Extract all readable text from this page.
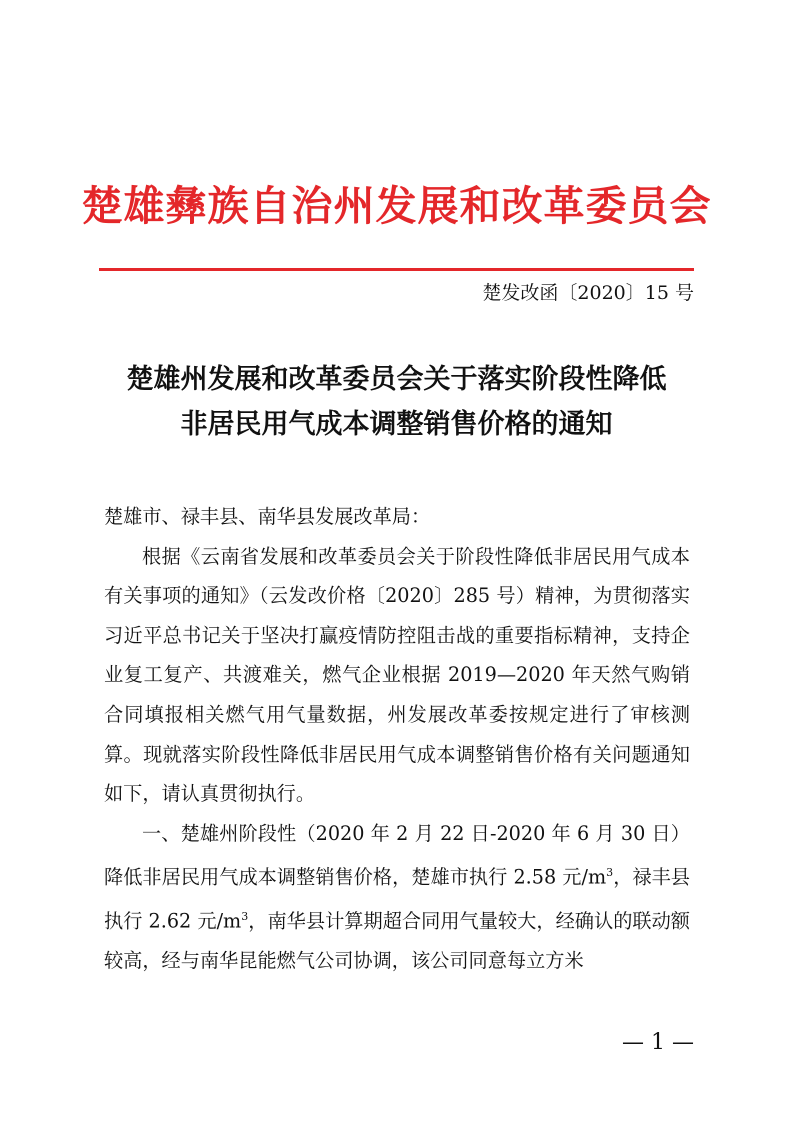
楚雄彝族自治州发展和改革委员会
楚发改函〔2020〕15 号
楚雄州发展和改革委员会关于落实阶段性降低
非居民用气成本调整销售价格的通知

楚雄市、禄丰县、南华县发展改革局：

根据《云南省发展和改革委员会关于阶段性降低非居民用气成本有关事项的通知》（云发改价格〔2020〕285 号）精神，为贯彻落实习近平总书记关于坚决打赢疫情防控阻击战的重要指标精神，支持企业复工复产、共渡难关，燃气企业根据 2019—2020 年天然气购销合同填报相关燃气用气量数据，州发展改革委按规定进行了审核测算。现就落实阶段性降低非居民用气成本调整销售价格有关问题通知如下，请认真贯彻执行。

一、楚雄州阶段性（2020 年 2 月 22 日-2020 年 6 月 30 日）降低非居民用气成本调整销售价格，楚雄市执行 2.58 元$/m^3$，禄丰县执行 2.62 元$/m^3$，南华县计算期超合同用气量较大，经确认的联动额较高，经与南华昆能燃气公司协调，该公司同意每立方米

— 1 —
